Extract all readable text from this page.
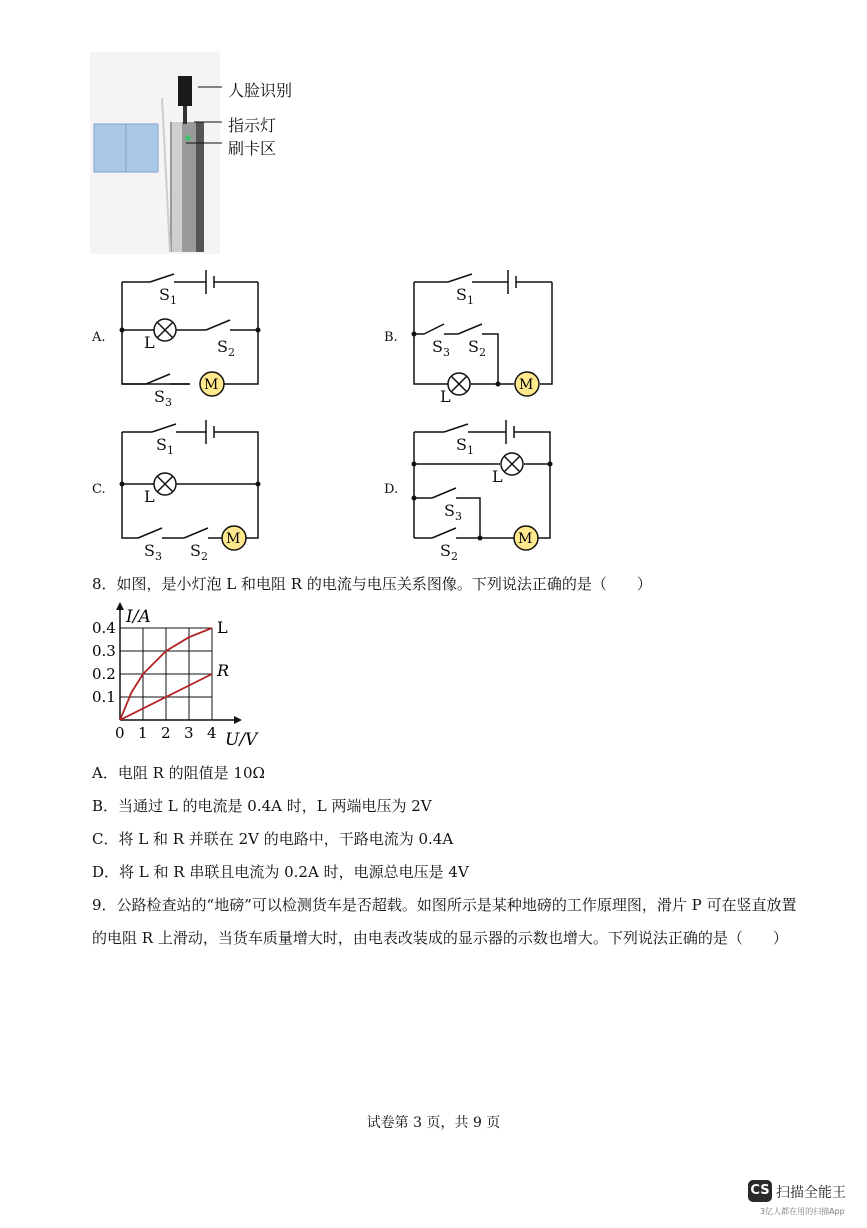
人脸识别
指示灯
刷卡区
A.
$S_1$
$S_2$
$S_3$
L
M
B.
$S_1$
$S_3$ $S_2$
L
M
C.
$S_1$
L
$S_3$ $S_2$
M
D.
$S_1$
L
$S_3$
$S_2$
M
8．如图，是小灯泡 L 和电阻 R 的电流与电压关系图像。下列说法正确的是（　　）
L
R
0 1 2 3 4
0.1
0.2
0.3
0.4
I/A
U/V
A．电阻 R 的阻值是 10Ω
B．当通过 L 的电流是 0.4A 时，L 两端电压为 2V
C．将 L 和 R 并联在 2V 的电路中，干路电流为 0.4A
D．将 L 和 R 串联且电流为 0.2A 时，电源总电压是 4V
9．公路检查站的“地磅”可以检测货车是否超载。如图所示是某种地磅的工作原理图，滑片 P 可在竖直放置
的电阻 R 上滑动，当货车质量增大时，由电表改装成的显示器的示数也增大。下列说法正确的是（　　）
试卷第 3 页，共 9 页
CS 扫描全能王
3亿人都在用的扫描App
